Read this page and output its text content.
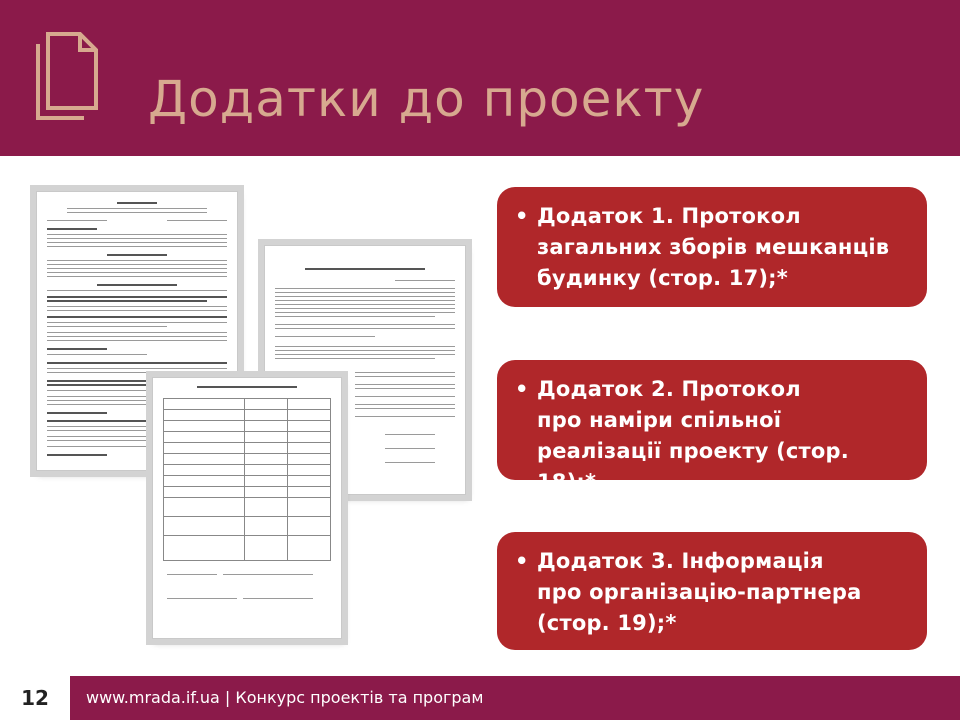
Додатки до проекту

• Додаток 1. Протокол
загальних зборів мешканців
будинку (стор. 17);*
• Додаток 2. Протокол
про наміри спільної
реалізації проекту (стор. 18);*
• Додаток 3. Інформація
про організацію-партнера
(стор. 19);*
12	www.mrada.if.ua | Конкурс проектів та програм
